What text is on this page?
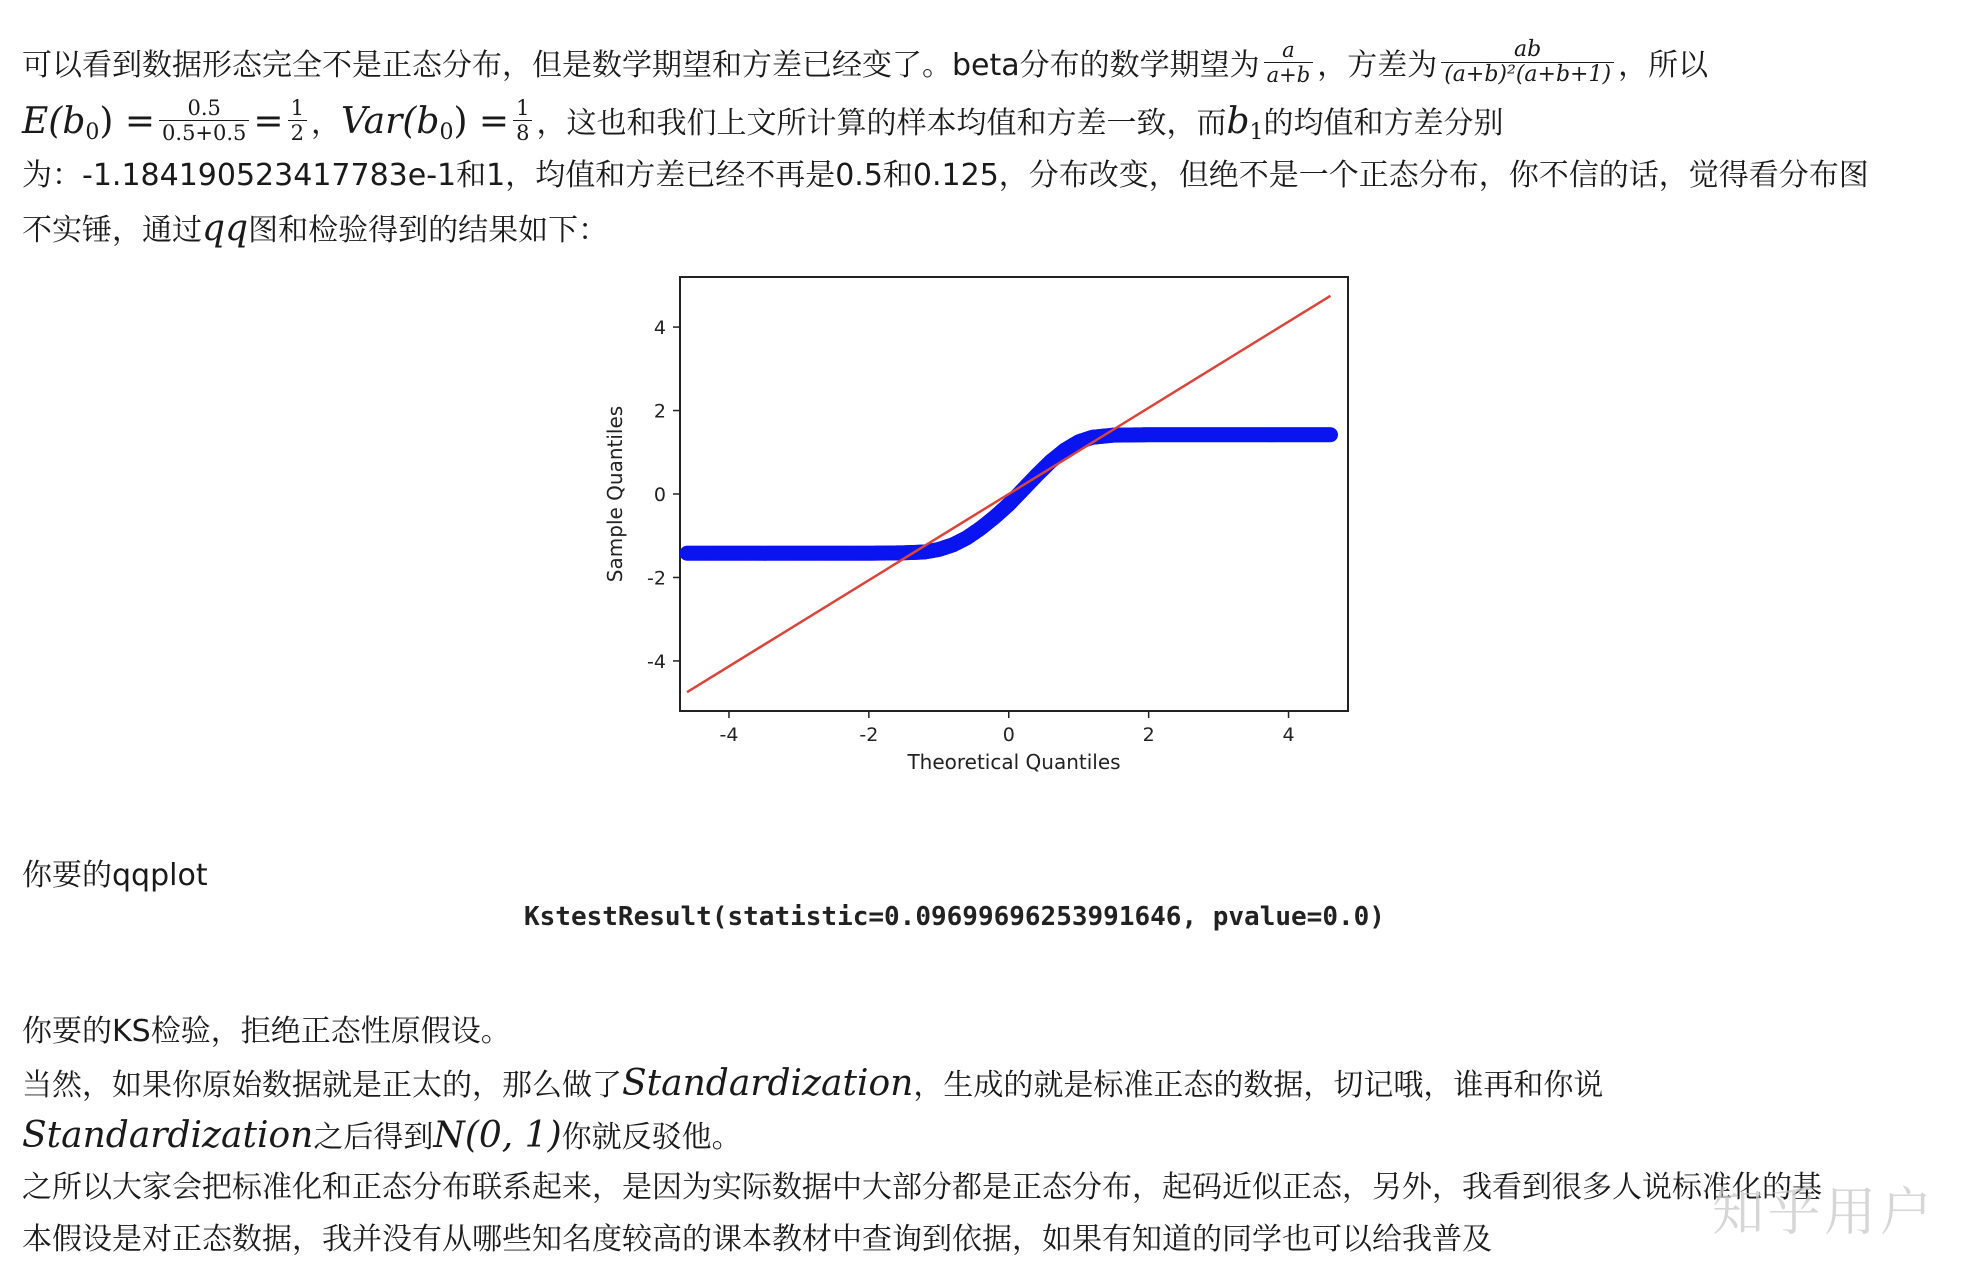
可以看到数据形态完全不是正态分布，但是数学期望和方差已经变了。beta分布的数学期望为 $\frac{a}{a+b}$ ，方差为 $\frac{ab}{\text{(a+b)²(a+b+1)}}$ ，所以

$E(b_0) = \frac{0.5}{0.5+0.5} = \frac{1}{2}$ ，$Var(b_0) = \frac{1}{8}$ ，这也和我们上文所计算的样本均值和方差一致，而$b_1$的均值和方差分别

为：-1.184190523417783e-1和1，均值和方差已经不再是0.5和0.125，分布改变，但绝不是一个正态分布，你不信的话，觉得看分布图

不实锤，通过qq图和检验得到的结果如下：

-4	-2	0	2	4
4
2
0
-2
-4
Theoretical Quantiles
Sample Quantiles
你要的qqplot
KstestResult(statistic=0.09699696253991646, pvalue=0.0)
你要的KS检验，拒绝正态性原假设。

当然，如果你原始数据就是正太的，那么做了Standardization，生成的就是标准正态的数据，切记哦，谁再和你说

Standardization之后得到N(0, 1)你就反驳他。

之所以大家会把标准化和正态分布联系起来，是因为实际数据中大部分都是正态分布，起码近似正态，另外，我看到很多人说标准化的基

本假设是对正态数据，我并没有从哪些知名度较高的课本教材中查询到依据，如果有知道的同学也可以给我普及	知乎用户
